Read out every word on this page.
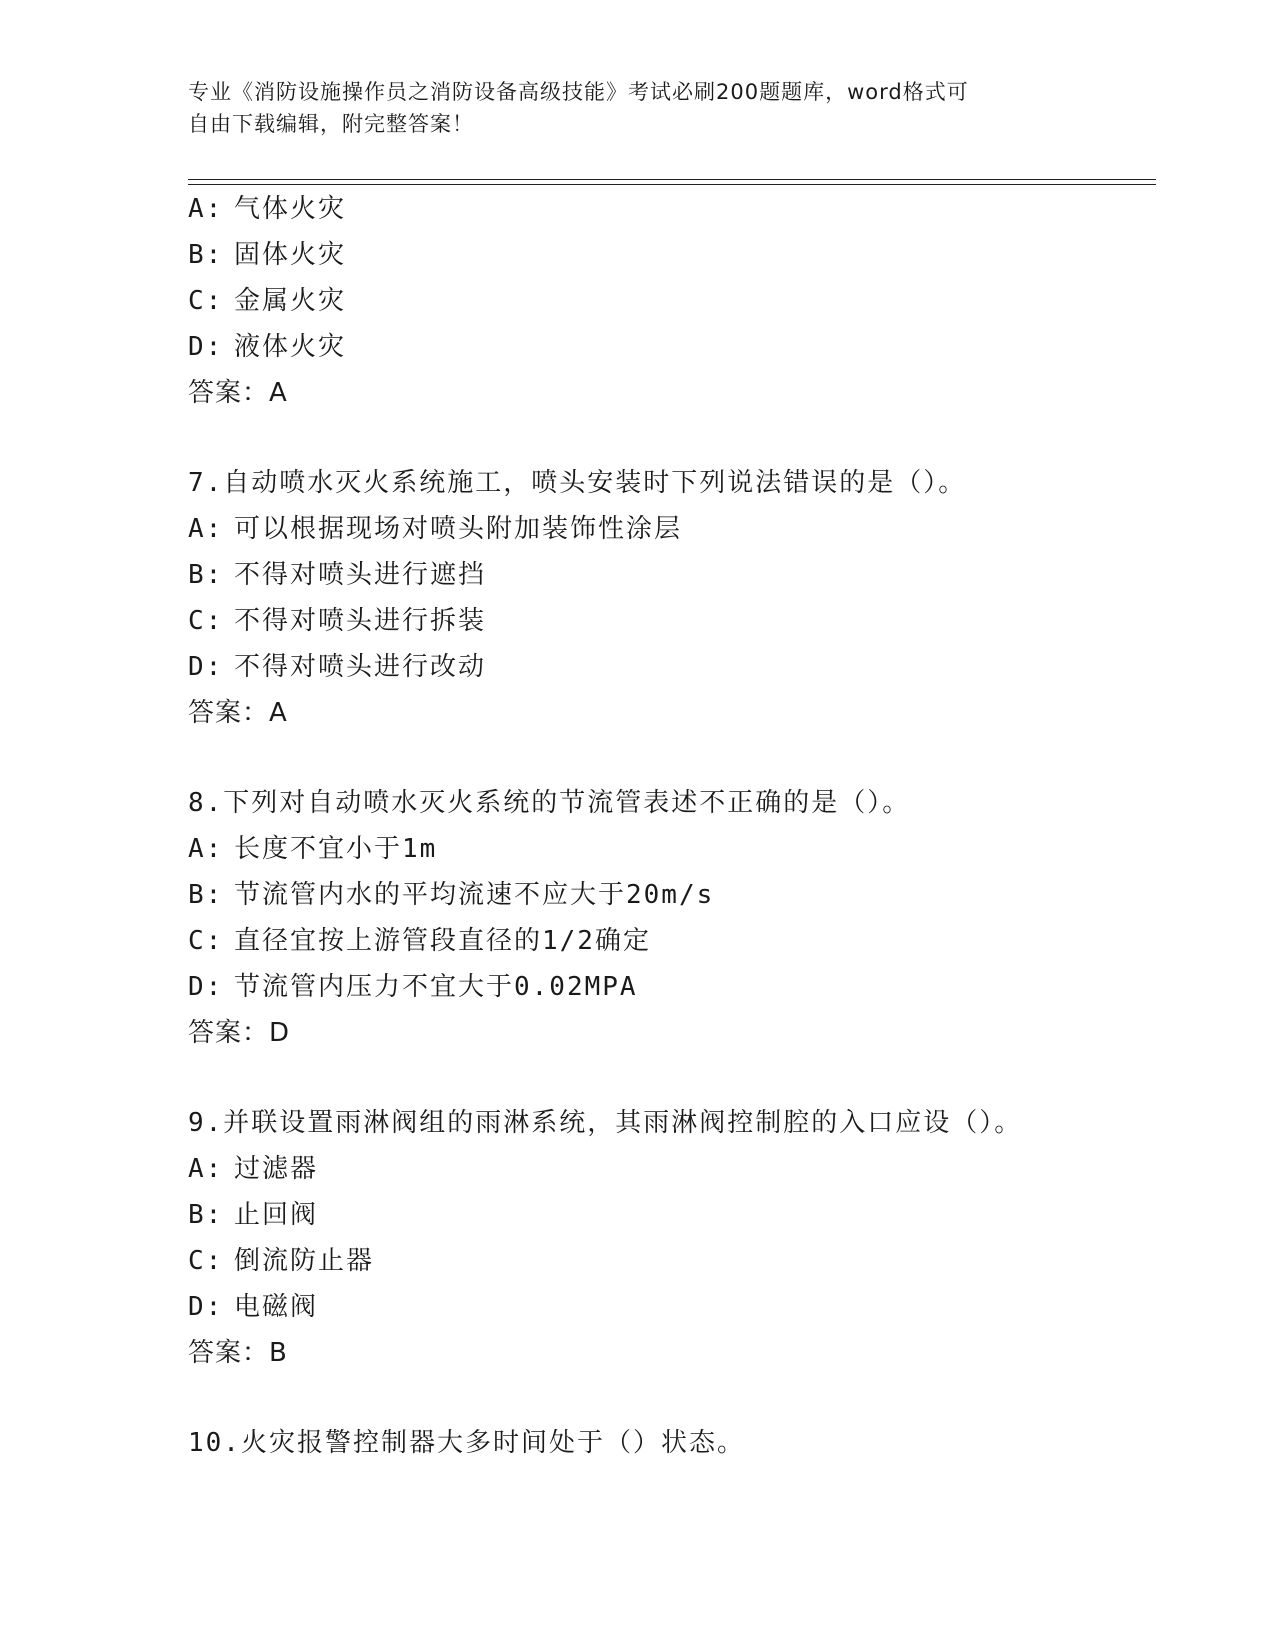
专业《消防设施操作员之消防设备高级技能》考试必刷200题题库，word格式可
自由下载编辑，附完整答案！
A: 气体火灾
B: 固体火灾
C: 金属火灾
D: 液体火灾
答案：A
7.自动喷水灭火系统施工，喷头安装时下列说法错误的是（）。
A: 可以根据现场对喷头附加装饰性涂层
B: 不得对喷头进行遮挡
C: 不得对喷头进行拆装
D: 不得对喷头进行改动
答案：A
8.下列对自动喷水灭火系统的节流管表述不正确的是（）。
A: 长度不宜小于1m
B: 节流管内水的平均流速不应大于20m/s
C: 直径宜按上游管段直径的1/2确定
D: 节流管内压力不宜大于0.02MPA
答案：D
9.并联设置雨淋阀组的雨淋系统，其雨淋阀控制腔的入口应设（）。
A: 过滤器
B: 止回阀
C: 倒流防止器
D: 电磁阀
答案：B
10.火灾报警控制器大多时间处于（）状态。
